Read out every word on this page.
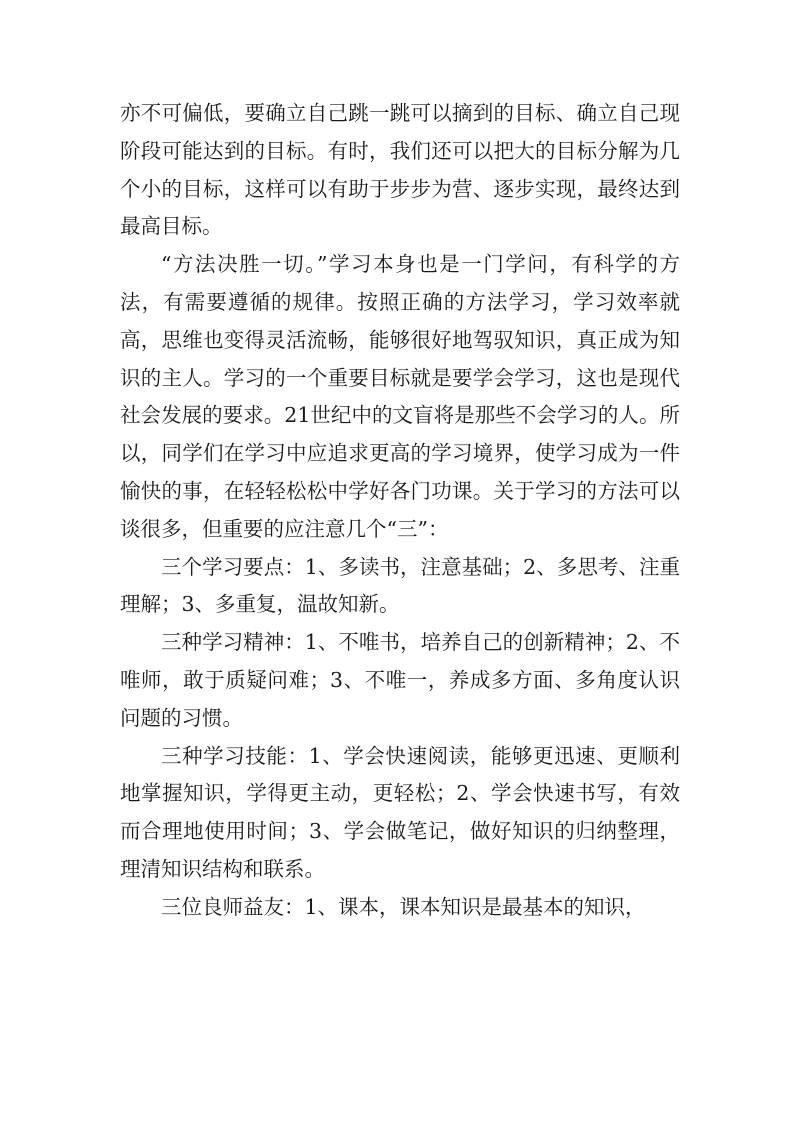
亦不可偏低，要确立自己跳一跳可以摘到的目标、确立自己现阶段可能达到的目标。有时，我们还可以把大的目标分解为几个小的目标，这样可以有助于步步为营、逐步实现，最终达到最高目标。

“方法决胜一切。”学习本身也是一门学问，有科学的方法，有需要遵循的规律。按照正确的方法学习，学习效率就高，思维也变得灵活流畅，能够很好地驾驭知识，真正成为知识的主人。学习的一个重要目标就是要学会学习，这也是现代社会发展的要求。21世纪中的文盲将是那些不会学习的人。所以，同学们在学习中应追求更高的学习境界，使学习成为一件愉快的事，在轻轻松松中学好各门功课。关于学习的方法可以谈很多，但重要的应注意几个“三”：

三个学习要点：1、多读书，注意基础；2、多思考、注重理解；3、多重复，温故知新。

三种学习精神：1、不唯书，培养自己的创新精神；2、不唯师，敢于质疑问难；3、不唯一，养成多方面、多角度认识问题的习惯。

三种学习技能：1、学会快速阅读，能够更迅速、更顺利地掌握知识，学得更主动，更轻松；2、学会快速书写，有效而合理地使用时间；3、学会做笔记，做好知识的归纳整理，理清知识结构和联系。

三位良师益友：1、课本，课本知识是最基本的知识，
